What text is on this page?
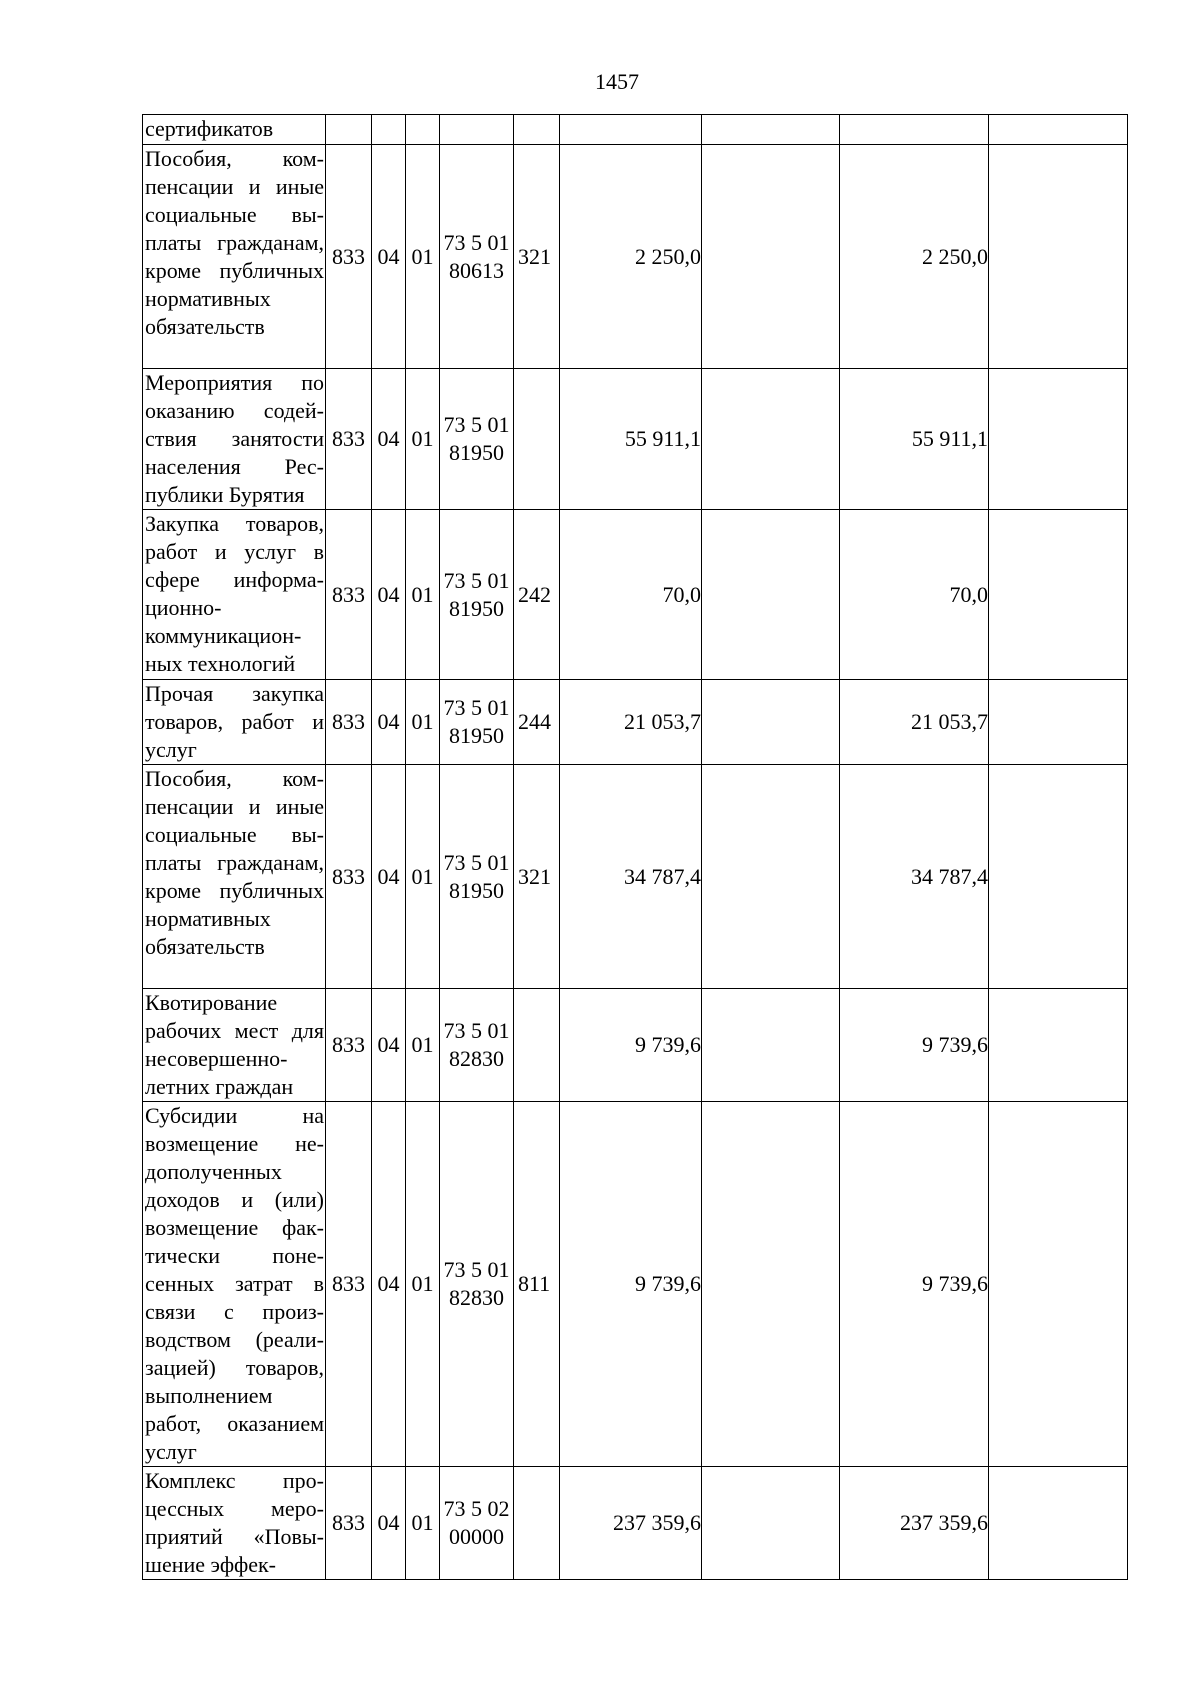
1457
сертификатов									
Пособия, компенсации и иные социальные выплаты гражданам, кроме публичных нормативных обязательств	833	04	01	73 5 01 80613	321	2 250,0		2 250,0	
Мероприятия по оказанию содействия занятости населения Республики Бурятия	833	04	01	73 5 01 81950		55 911,1		55 911,1	
Закупка товаров, работ и услуг в сфере информационно-коммуникационных технологий	833	04	01	73 5 01 81950	242	70,0		70,0	
Прочая закупка товаров, работ и услуг	833	04	01	73 5 01 81950	244	21 053,7		21 053,7	
Пособия, компенсации и иные социальные выплаты гражданам, кроме публичных нормативных обязательств	833	04	01	73 5 01 81950	321	34 787,4		34 787,4	
Квотирование рабочих мест для несовершеннолетних граждан	833	04	01	73 5 01 82830		9 739,6		9 739,6	
Субсидии на возмещение недополученных доходов и (или) возмещение фактически понесенных затрат в связи с производством (реализацией) товаров, выполнением работ, оказанием услуг	833	04	01	73 5 01 82830	811	9 739,6		9 739,6	
Комплекс процессных мероприятий «Повышение эффек-	833	04	01	73 5 02 00000		237 359,6		237 359,6	
